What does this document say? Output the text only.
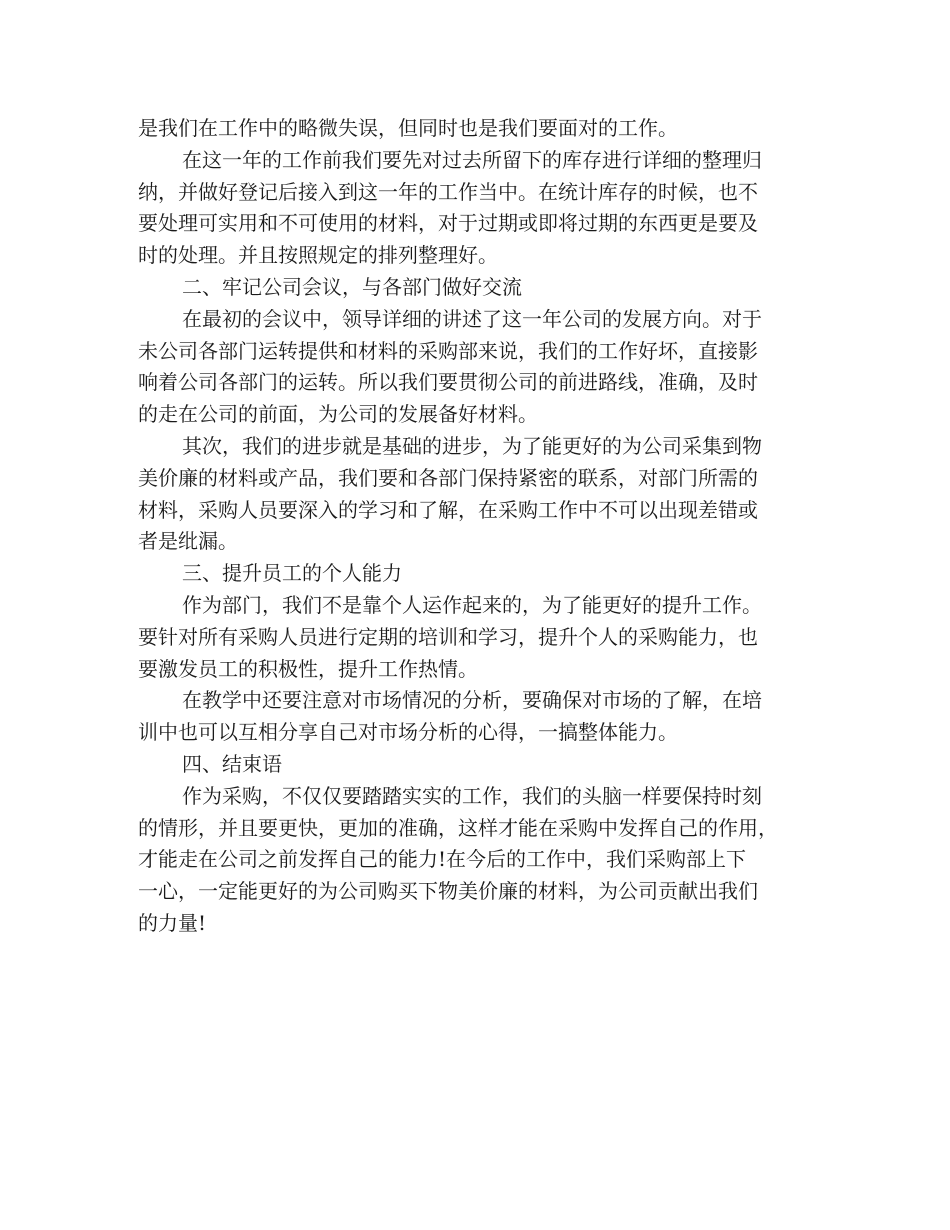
是我们在工作中的略微失误，但同时也是我们要面对的工作。
在这一年的工作前我们要先对过去所留下的库存进行详细的整理归
纳，并做好登记后接入到这一年的工作当中。在统计库存的时候，也不
要处理可实用和不可使用的材料，对于过期或即将过期的东西更是要及
时的处理。并且按照规定的排列整理好。
二、牢记公司会议，与各部门做好交流
在最初的会议中，领导详细的讲述了这一年公司的发展方向。对于
未公司各部门运转提供和材料的采购部来说，我们的工作好坏，直接影
响着公司各部门的运转。所以我们要贯彻公司的前进路线，准确，及时
的走在公司的前面，为公司的发展备好材料。
其次，我们的进步就是基础的进步，为了能更好的为公司采集到物
美价廉的材料或产品，我们要和各部门保持紧密的联系，对部门所需的
材料，采购人员要深入的学习和了解，在采购工作中不可以出现差错或
者是纰漏。
三、提升员工的个人能力
作为部门，我们不是靠个人运作起来的，为了能更好的提升工作。
要针对所有采购人员进行定期的培训和学习，提升个人的采购能力，也
要激发员工的积极性，提升工作热情。
在教学中还要注意对市场情况的分析，要确保对市场的了解，在培
训中也可以互相分享自己对市场分析的心得，一搞整体能力。
四、结束语
作为采购，不仅仅要踏踏实实的工作，我们的头脑一样要保持时刻
的情形，并且要更快，更加的准确，这样才能在采购中发挥自己的作用，
才能走在公司之前发挥自己的能力!在今后的工作中，我们采购部上下
一心，一定能更好的为公司购买下物美价廉的材料，为公司贡献出我们
的力量!
